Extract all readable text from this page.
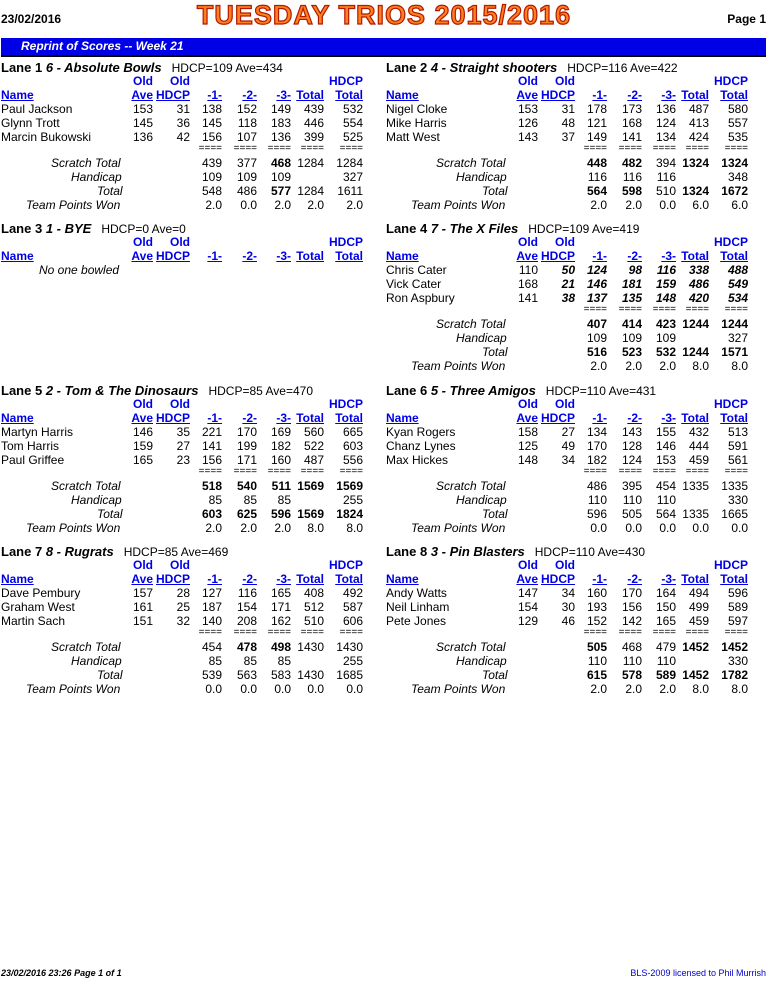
23/02/2016	TUESDAY TRIOS 2015/2016	Page 1
Reprint of Scores -- Week 21
Lane 1 6 - Absolute Bowls HDCP=109 Ave=434
Old Old	HDCP
Name	Ave HDCP -1- -2- -3- Total Total
Paul Jackson	153 31 138 152 149 439 532
Glynn Trott	145 36 145 118 183 446 554
Marcin Bukowski	136 42 156 107 136 399 525
==== ==== ==== ==== ====
Scratch Total	439 377 468 1284 1284
Handicap	109 109 109	327
Total	548 486 577 1284 1611
Team Points Won	2.0 0.0 2.0 2.0 2.0
Lane 2 4 - Straight shooters HDCP=116 Ave=422
Old Old	HDCP
Name	Ave HDCP -1- -2- -3- Total Total
Nigel Cloke	153 31 178 173 136 487 580
Mike Harris	126 48 121 168 124 413 557
Matt West	143 37 149 141 134 424 535
==== ==== ==== ==== ====
Scratch Total	448 482 394 1324 1324
Handicap	116 116 116	348
Total	564 598 510 1324 1672
Team Points Won	2.0 2.0 0.0 6.0 6.0
Lane 3 1 - BYE HDCP=0 Ave=0
Old Old	HDCP
Name	Ave HDCP -1- -2- -3- Total Total
No one bowled
Lane 4 7 - The X Files HDCP=109 Ave=419
Old Old	HDCP
Name	Ave HDCP -1- -2- -3- Total Total
Chris Cater	110 50 124 98 116 338 488
Vick Cater	168 21 146 181 159 486 549
Ron Aspbury	141 38 137 135 148 420 534
==== ==== ==== ==== ====
Scratch Total	407 414 423 1244 1244
Handicap	109 109 109	327
Total	516 523 532 1244 1571
Team Points Won	2.0 2.0 2.0 8.0 8.0
Lane 5 2 - Tom & The Dinosaurs HDCP=85 Ave=470
Old Old	HDCP
Name	Ave HDCP -1- -2- -3- Total Total
Martyn Harris	146 35 221 170 169 560 665
Tom Harris	159 27 141 199 182 522 603
Paul Griffee	165 23 156 171 160 487 556
==== ==== ==== ==== ====
Scratch Total	518 540 511 1569 1569
Handicap	85 85 85	255
Total	603 625 596 1569 1824
Team Points Won	2.0 2.0 2.0 8.0 8.0
Lane 6 5 - Three Amigos HDCP=110 Ave=431
Old Old	HDCP
Name	Ave HDCP -1- -2- -3- Total Total
Kyan Rogers	158 27 134 143 155 432 513
Chanz Lynes	125 49 170 128 146 444 591
Max Hickes	148 34 182 124 153 459 561
==== ==== ==== ==== ====
Scratch Total	486 395 454 1335 1335
Handicap	110 110 110	330
Total	596 505 564 1335 1665
Team Points Won	0.0 0.0 0.0 0.0 0.0
Lane 7 8 - Rugrats HDCP=85 Ave=469
Old Old	HDCP
Name	Ave HDCP -1- -2- -3- Total Total
Dave Pembury	157 28 127 116 165 408 492
Graham West	161 25 187 154 171 512 587
Martin Sach	151 32 140 208 162 510 606
==== ==== ==== ==== ====
Scratch Total	454 478 498 1430 1430
Handicap	85 85 85	255
Total	539 563 583 1430 1685
Team Points Won	0.0 0.0 0.0 0.0 0.0
Lane 8 3 - Pin Blasters HDCP=110 Ave=430
Old Old	HDCP
Name	Ave HDCP -1- -2- -3- Total Total
Andy Watts	147 34 160 170 164 494 596
Neil Linham	154 30 193 156 150 499 589
Pete Jones	129 46 152 142 165 459 597
==== ==== ==== ==== ====
Scratch Total	505 468 479 1452 1452
Handicap	110 110 110	330
Total	615 578 589 1452 1782
Team Points Won	2.0 2.0 2.0 8.0 8.0
23/02/2016 23:26 Page 1 of 1	BLS-2009 licensed to Phil Murrish
